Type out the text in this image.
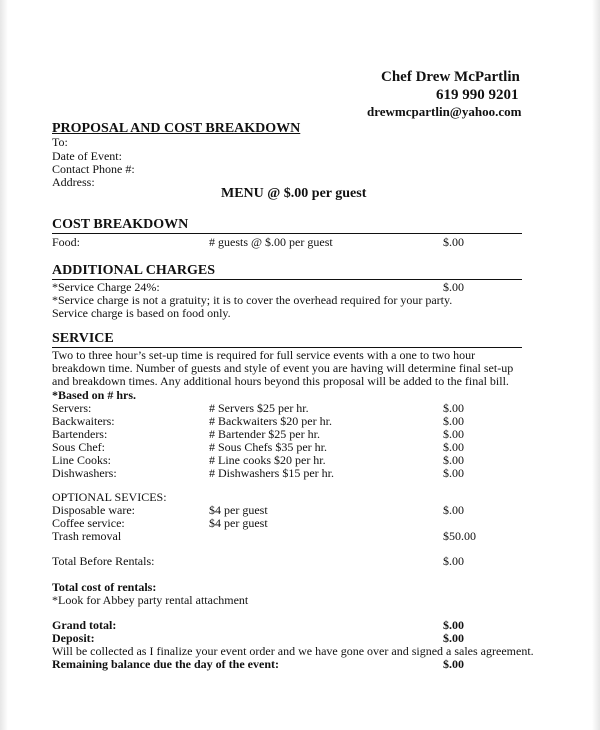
Chef Drew McPartlin
619 990 9201
drewmcpartlin@yahoo.com
PROPOSAL AND COST BREAKDOWN
To:
Date of Event:
Contact Phone #:
Address:
MENU @ $.00 per guest
COST BREAKDOWN
Food:	# guests @ $.00 per guest	$.00
ADDITIONAL CHARGES
*Service Charge 24%:	$.00
*Service charge is not a gratuity; it is to cover the overhead required for your party.
Service charge is based on food only.
SERVICE
Two to three hour’s set-up time is required for full service events with a one to two hour breakdown time. Number of guests and style of event you are having will determine final set-up and breakdown times. Any additional hours beyond this proposal will be added to the final bill.
*Based on # hrs.
Servers:	# Servers $25 per hr.	$.00
Backwaiters:	# Backwaiters $20 per hr.	$.00
Bartenders:	# Bartender $25 per hr.	$.00
Sous Chef:	# Sous Chefs $35 per hr.	$.00
Line Cooks:	# Line cooks $20 per hr.	$.00
Dishwashers:	# Dishwashers $15 per hr.	$.00
OPTIONAL SEVICES:
Disposable ware:	$4 per guest	$.00
Coffee service:	$4 per guest
Trash removal	$50.00
Total Before Rentals:	$.00
Total cost of rentals:
*Look for Abbey party rental attachment
Grand total:	$.00
Deposit:	$.00
Will be collected as I finalize your event order and we have gone over and signed a sales agreement.
Remaining balance due the day of the event:	$.00
